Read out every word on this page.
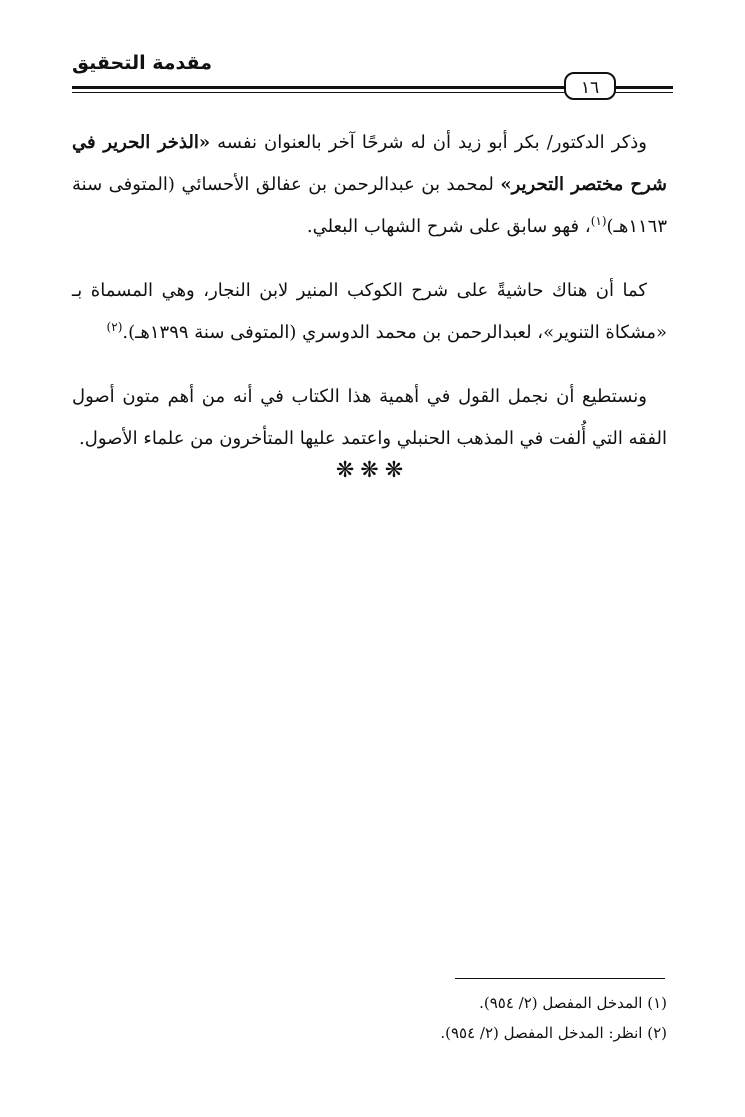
مقدمة التحقيق
١٦

وذكر الدكتور/ بكر أبو زيد أن له شرحًا آخر بالعنوان نفسه «الذخر الحرير في شرح مختصر التحرير» لمحمد بن عبدالرحمن بن عفالق الأحسائي (المتوفى سنة ١١٦٣هـ)$^{(١)}$، فهو سابق على شرح الشهاب البعلي.

كما أن هناك حاشيةً على شرح الكوكب المنير لابن النجار، وهي المسماة بـ «مشكاة التنوير»، لعبدالرحمن بن محمد الدوسري (المتوفى سنة ١٣٩٩هـ).$^{(٢)}$

ونستطيع أن نجمل القول في أهمية هذا الكتاب في أنه من أهم متون أصول الفقه التي أُلفت في المذهب الحنبلي واعتمد عليها المتأخرون من علماء الأصول.

❋❋❋
(١) المدخل المفصل (٢/ ٩٥٤).
(٢) انظر: المدخل المفصل (٢/ ٩٥٤).
